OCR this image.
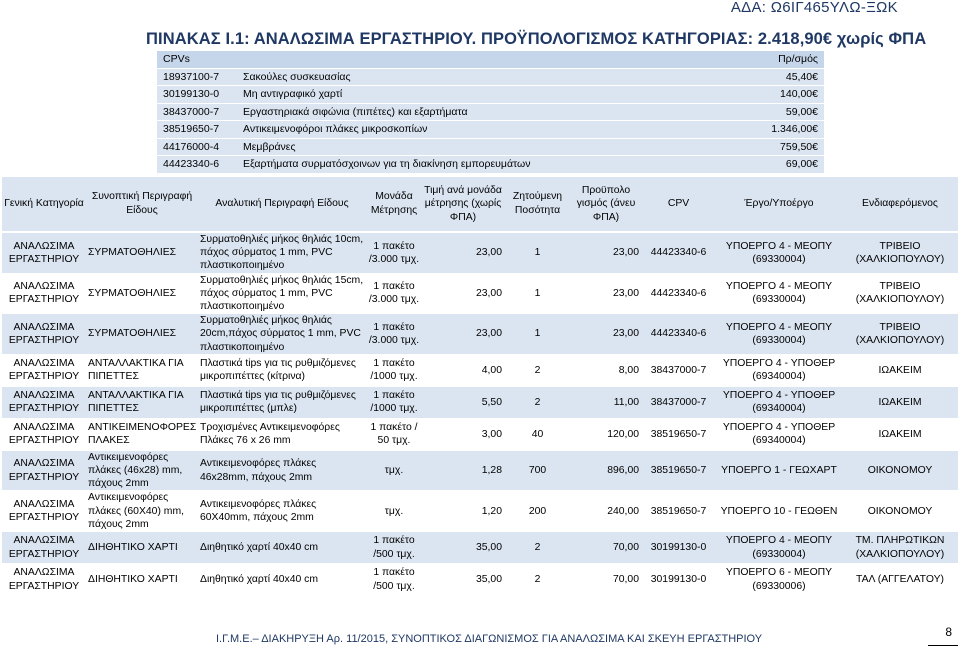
ΑΔΑ: Ω6ΙΓ465ΥΛΩ-ΞΩΚ
ΠΙΝΑΚΑΣ Ι.1: ΑΝΑΛΩΣΙΜΑ ΕΡΓΑΣΤΗΡΙΟΥ. ΠΡΟΫΠΟΛΟΓΙΣΜΟΣ ΚΑΤΗΓΟΡΙΑΣ: 2.418,90€ χωρίς ΦΠΑ
CPVs		Πρ/σμός
18937100-7	Σακούλες συσκευασίας	45,40€
30199130-0	Μη αντιγραφικό χαρτί	140,00€
38437000-7	Εργαστηριακά σιφώνια (πιπέτες) και εξαρτήματα	59,00€
38519650-7	Αντικειμενοφόροι πλάκες μικροσκοπίων	1.346,00€
44176000-4	Μεμβράνες	759,50€
44423340-6	Εξαρτήματα συρματόσχοινων για τη διακίνηση εμπορευμάτων	69,00€
Γενική Κατηγορία	Συνοπτική Περιγραφή Είδους	Αναλυτική Περιγραφή Είδους	Μονάδα Μέτρησης	Τιμή ανά μονάδα μέτρησης (χωρίς ΦΠΑ)	Ζητούμενη Ποσότητα	Προϋπολο γισμός (άνευ ΦΠΑ)	CPV	Έργο/Υποέργο	Ενδιαφερόμενος
ΑΝΑΛΩΣΙΜΑ ΕΡΓΑΣΤΗΡΙΟΥ	ΣΥΡΜΑΤΟΘΗΛΙΕΣ	Συρματοθηλιές μήκος θηλιάς 10cm, πάχος σύρματος 1 mm, PVC πλαστικοποιημένο	1 πακέτο /3.000 τμχ.	23,00	1	23,00	44423340-6	ΥΠΟΕΡΓΟ 4 - ΜΕΟΠΥ (69330004)	ΤΡΙΒΕΙΟ (ΧΑΛΚΙΟΠΟΥΛΟΥ)
ΑΝΑΛΩΣΙΜΑ ΕΡΓΑΣΤΗΡΙΟΥ	ΣΥΡΜΑΤΟΘΗΛΙΕΣ	Συρματοθηλιές μήκος θηλιάς 15cm, πάχος σύρματος 1 mm, PVC πλαστικοποιημένο	1 πακέτο /3.000 τμχ.	23,00	1	23,00	44423340-6	ΥΠΟΕΡΓΟ 4 - ΜΕΟΠΥ (69330004)	ΤΡΙΒΕΙΟ (ΧΑΛΚΙΟΠΟΥΛΟΥ)
ΑΝΑΛΩΣΙΜΑ ΕΡΓΑΣΤΗΡΙΟΥ	ΣΥΡΜΑΤΟΘΗΛΙΕΣ	Συρματοθηλιές μήκος θηλιάς 20cm,πάχος σύρματος 1 mm, PVC πλαστικοποιημένο	1 πακέτο /3.000 τμχ.	23,00	1	23,00	44423340-6	ΥΠΟΕΡΓΟ 4 - ΜΕΟΠΥ (69330004)	ΤΡΙΒΕΙΟ (ΧΑΛΚΙΟΠΟΥΛΟΥ)
ΑΝΑΛΩΣΙΜΑ ΕΡΓΑΣΤΗΡΙΟΥ	ΑΝΤΑΛΛΑΚΤΙΚΑ ΓΙΑ ΠΙΠΕΤΤΕΣ	Πλαστικά tips για τις ρυθμιζόμενες μικροπιπέττες (κίτρινα)	1 πακέτο /1000 τμχ.	4,00	2	8,00	38437000-7	ΥΠΟΕΡΓΟ 4 - ΥΠΟΘΕΡ (69340004)	ΙΩΑΚΕΙΜ
ΑΝΑΛΩΣΙΜΑ ΕΡΓΑΣΤΗΡΙΟΥ	ΑΝΤΑΛΛΑΚΤΙΚΑ ΓΙΑ ΠΙΠΕΤΤΕΣ	Πλαστικά tips για τις ρυθμιζόμενες μικροπιπέττες (μπλε)	1 πακέτο /1000 τμχ.	5,50	2	11,00	38437000-7	ΥΠΟΕΡΓΟ 4 - ΥΠΟΘΕΡ (69340004)	ΙΩΑΚΕΙΜ
ΑΝΑΛΩΣΙΜΑ ΕΡΓΑΣΤΗΡΙΟΥ	ΑΝΤΙΚΕΙΜΕΝΟΦΟΡΕΣ ΠΛΑΚΕΣ	Τροχισμένες Αντικειμενοφόρες Πλάκες 76 x 26 mm	1 πακέτο / 50 τμχ.	3,00	40	120,00	38519650-7	ΥΠΟΕΡΓΟ 4 - ΥΠΟΘΕΡ (69340004)	ΙΩΑΚΕΙΜ
ΑΝΑΛΩΣΙΜΑ ΕΡΓΑΣΤΗΡΙΟΥ	Αντικειμενοφόρες πλάκες (46x28) mm, πάχους 2mm	Αντικειμενοφόρες πλάκες 46x28mm, πάχους 2mm	τμχ.	1,28	700	896,00	38519650-7	ΥΠΟΕΡΓΟ 1 - ΓΕΩΧΑΡΤ	ΟΙΚΟΝΟΜΟΥ
ΑΝΑΛΩΣΙΜΑ ΕΡΓΑΣΤΗΡΙΟΥ	Αντικειμενοφόρες πλάκες (60X40) mm, πάχους 2mm	Αντικειμενοφόρες πλάκες 60X40mm, πάχους 2mm	τμχ.	1,20	200	240,00	38519650-7	ΥΠΟΕΡΓΟ 10 - ΓΕΩΘΕΝ	ΟΙΚΟΝΟΜΟΥ
ΑΝΑΛΩΣΙΜΑ ΕΡΓΑΣΤΗΡΙΟΥ	ΔΙΗΘΗΤΙΚΟ ΧΑΡΤΙ	Διηθητικό χαρτί 40x40 cm	1 πακέτο /500 τμχ.	35,00	2	70,00	30199130-0	ΥΠΟΕΡΓΟ 4 - ΜΕΟΠΥ (69330004)	ΤΜ. ΠΛΗΡΩΤΙΚΩΝ (ΧΑΛΚΙΟΠΟΥΛΟΥ)
ΑΝΑΛΩΣΙΜΑ ΕΡΓΑΣΤΗΡΙΟΥ	ΔΙΗΘΗΤΙΚΟ ΧΑΡΤΙ	Διηθητικό χαρτί 40x40 cm	1 πακέτο /500 τμχ.	35,00	2	70,00	30199130-0	ΥΠΟΕΡΓΟ 6 - ΜΕΟΠΥ (69330006)	ΤΑΛ (ΑΓΓΕΛΑΤΟΥ)
Ι.Γ.Μ.Ε.– ΔΙΑΚΗΡΥΞΗ Αρ. 11/2015, ΣΥΝΟΠΤΙΚΟΣ ΔΙΑΓΩΝΙΣΜΟΣ ΓΙΑ ΑΝΑΛΩΣΙΜΑ ΚΑΙ ΣΚΕΥΗ ΕΡΓΑΣΤΗΡΙΟΥ	8
